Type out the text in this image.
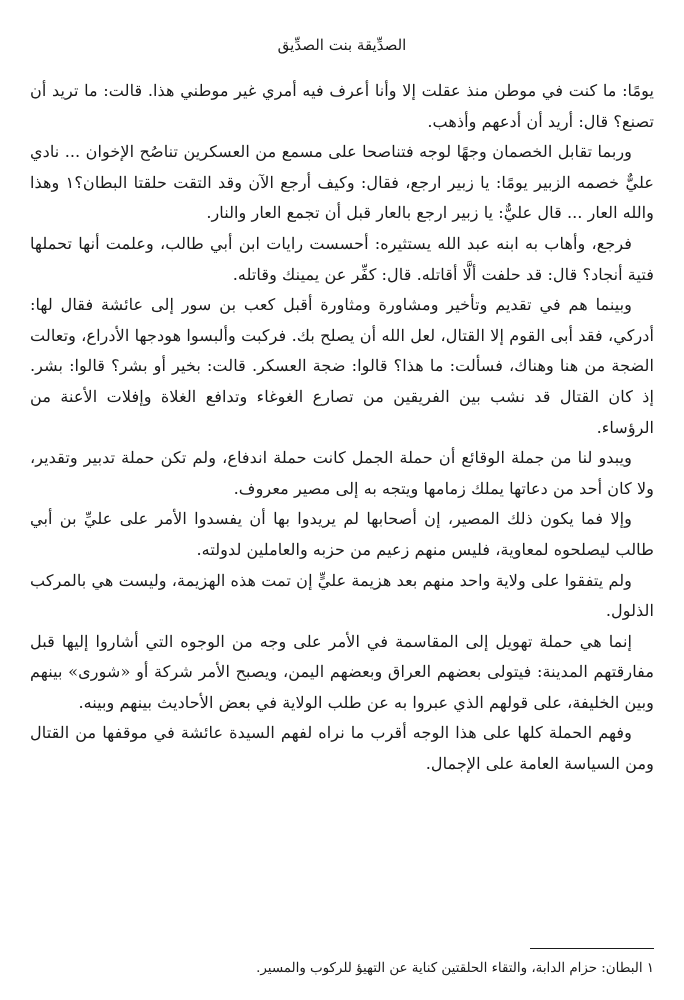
الصدِّيقة بنت الصدِّيق

يومًا: ما كنت في موطن منذ عقلت إلا وأنا أعرف فيه أمري غير موطني هذا. قالت: ما تريد أن تصنع؟ قال: أريد أن أدعهم وأذهب.

وربما تقابل الخصمان وجهًا لوجه فتناصحا على مسمع من العسكرين تناصُح الإخوان ... نادي عليٌّ خصمه الزبير يومًا: يا زبير ارجع، فقال: وكيف أرجع الآن وقد التقت حلقتا البطان؟١ وهذا والله العار ... قال عليٌّ: يا زبير ارجع بالعار قبل أن تجمع العار والنار.

فرجع، وأهاب به ابنه عبد الله يستثيره: أحسست رايات ابن أبي طالب، وعلمت أنها تحملها فتية أنجاد؟ قال: قد حلفت ألَّا أقاتله. قال: كفِّر عن يمينك وقاتله.

وبينما هم في تقديم وتأخير ومشاورة ومثاورة أقبل كعب بن سور إلى عائشة فقال لها: أدركي، فقد أبى القوم إلا القتال، لعل الله أن يصلح بك. فركبت وألبسوا هودجها الأدراع، وتعالت الضجة من هنا وهناك، فسألت: ما هذا؟ قالوا: ضجة العسكر. قالت: بخير أو بشر؟ قالوا: بشر. إذ كان القتال قد نشب بين الفريقين من تصارع الغوغاء وتدافع الغلاة وإفلات الأعنة من الرؤساء.

ويبدو لنا من جملة الوقائع أن حملة الجمل كانت حملة اندفاع، ولم تكن حملة تدبير وتقدير، ولا كان أحد من دعاتها يملك زمامها ويتجه به إلى مصير معروف.

وإلا فما يكون ذلك المصير، إن أصحابها لم يريدوا بها أن يفسدوا الأمر على عليِّ بن أبي طالب ليصلحوه لمعاوية، فليس منهم زعيم من حزبه والعاملين لدولته.

ولم يتفقوا على ولاية واحد منهم بعد هزيمة عليٍّ إن تمت هذه الهزيمة، وليست هي بالمركب الذلول.

إنما هي حملة تهويل إلى المقاسمة في الأمر على وجه من الوجوه التي أشاروا إليها قبل مفارقتهم المدينة: فيتولى بعضهم العراق وبعضهم اليمن، ويصبح الأمر شركة أو «شورى» بينهم وبين الخليفة، على قولهم الذي عبروا به عن طلب الولاية في بعض الأحاديث بينهم وبينه.

وفهم الحملة كلها على هذا الوجه أقرب ما نراه لفهم السيدة عائشة في موقفها من القتال ومن السياسة العامة على الإجمال.

١ البطان: حزام الدابة، والتقاء الحلقتين كناية عن التهيؤ للركوب والمسير.
